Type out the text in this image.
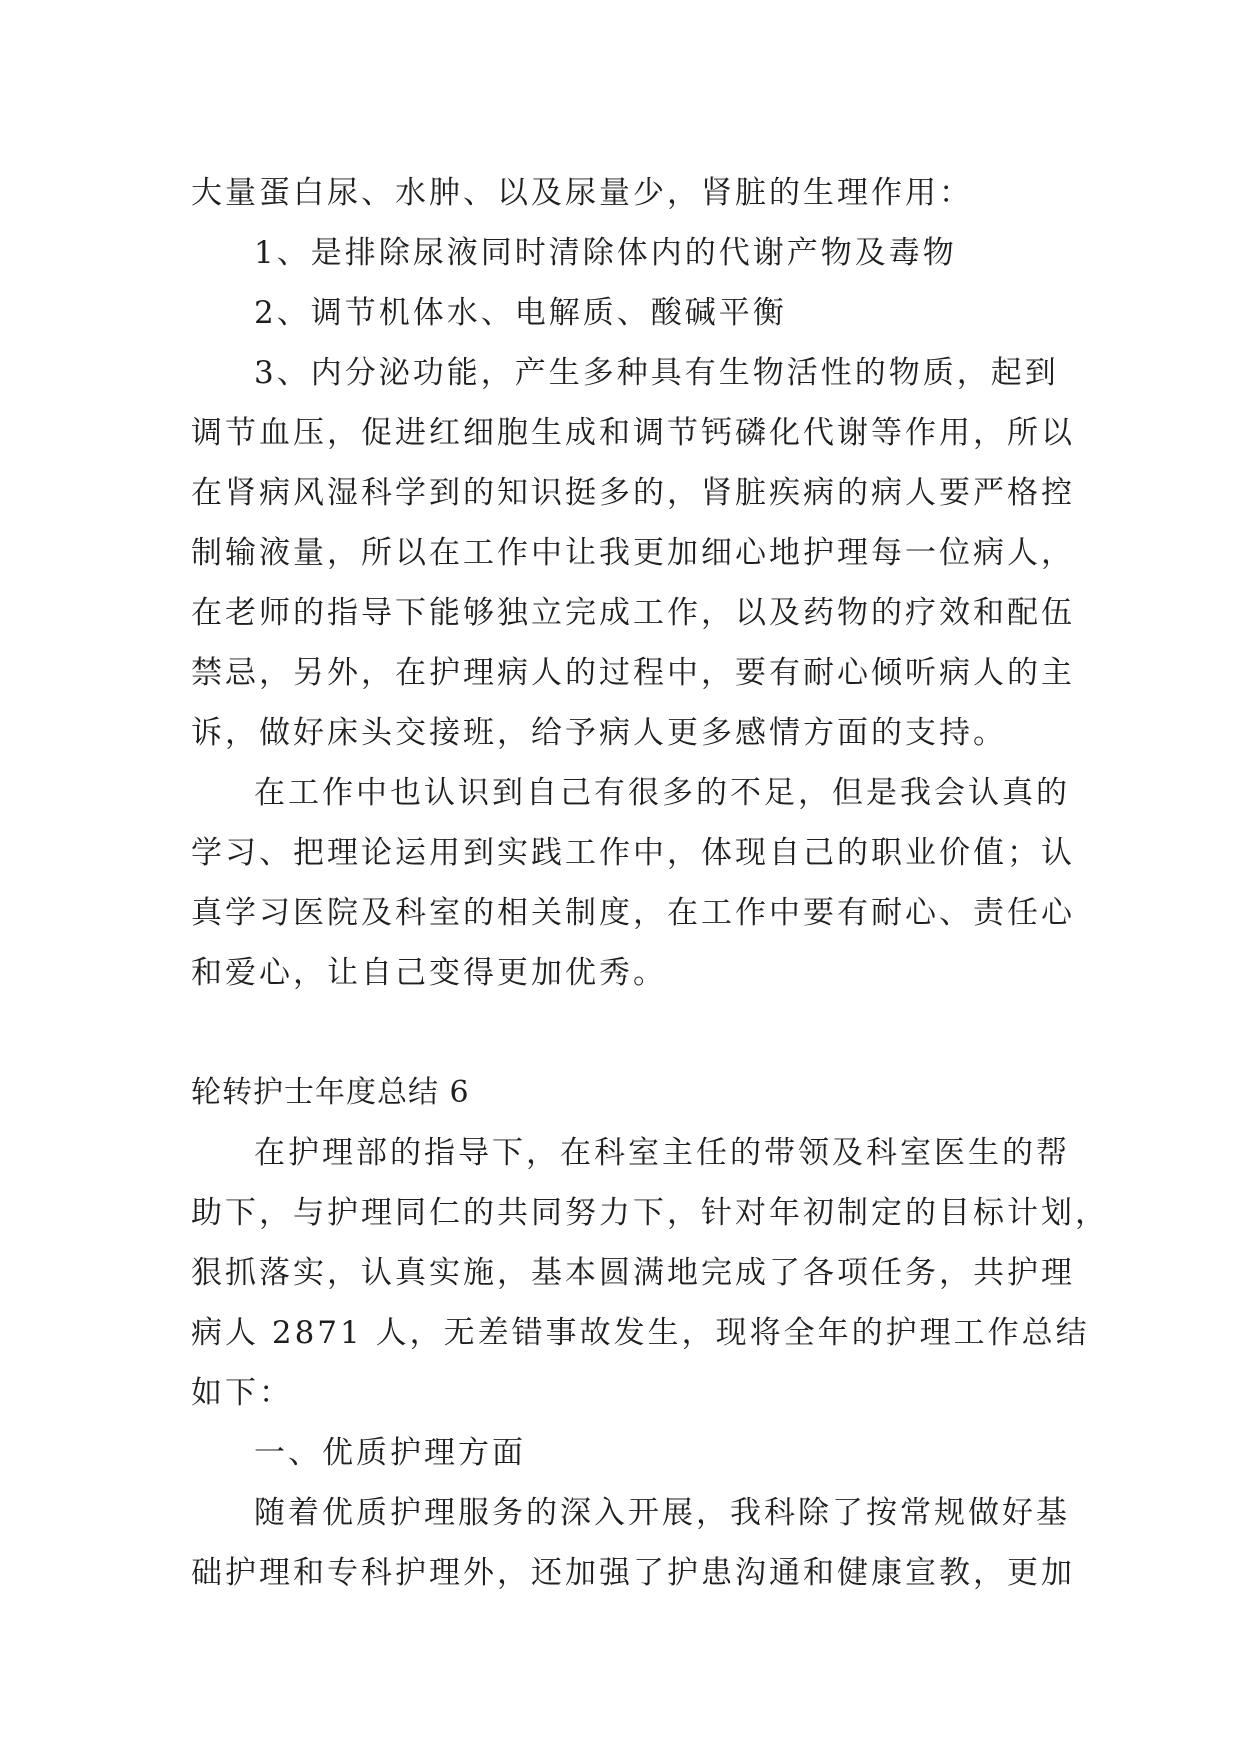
大量蛋白尿、水肿、以及尿量少，肾脏的生理作用：
1、是排除尿液同时清除体内的代谢产物及毒物
2、调节机体水、电解质、酸碱平衡
3、内分泌功能，产生多种具有生物活性的物质，起到
调节血压，促进红细胞生成和调节钙磷化代谢等作用，所以
在肾病风湿科学到的知识挺多的，肾脏疾病的病人要严格控
制输液量，所以在工作中让我更加细心地护理每一位病人，
在老师的指导下能够独立完成工作，以及药物的疗效和配伍
禁忌，另外，在护理病人的过程中，要有耐心倾听病人的主
诉，做好床头交接班，给予病人更多感情方面的支持。
在工作中也认识到自己有很多的不足，但是我会认真的
学习、把理论运用到实践工作中，体现自己的职业价值；认
真学习医院及科室的相关制度，在工作中要有耐心、责任心
和爱心，让自己变得更加优秀。
轮转护士年度总结 6
在护理部的指导下，在科室主任的带领及科室医生的帮
助下，与护理同仁的共同努力下，针对年初制定的目标计划，
狠抓落实，认真实施，基本圆满地完成了各项任务，共护理
病人 2871 人，无差错事故发生，现将全年的护理工作总结
如下：
一、优质护理方面
随着优质护理服务的深入开展，我科除了按常规做好基
础护理和专科护理外，还加强了护患沟通和健康宣教，更加
